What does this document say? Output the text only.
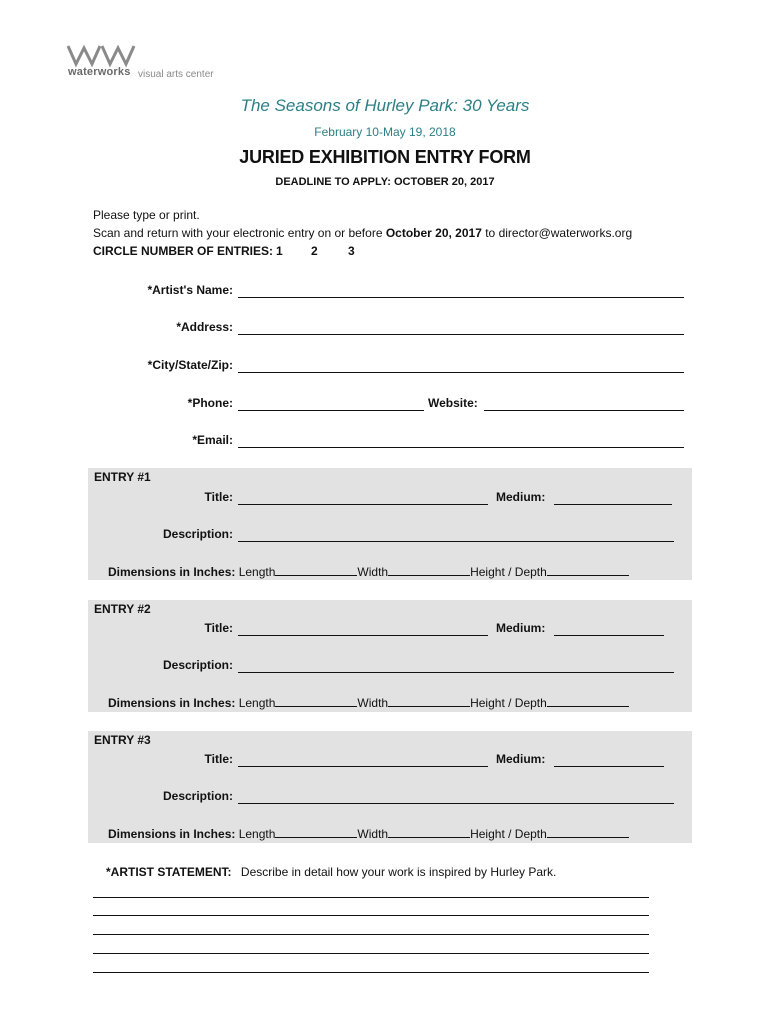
waterworks visual arts center
The Seasons of Hurley Park: 30 Years
February 10-May 19, 2018
JURIED EXHIBITION ENTRY FORM
DEADLINE TO APPLY: OCTOBER 20, 2017
Please type or print.
Scan and return with your electronic entry on or before October 20, 2017 to director@waterworks.org
CIRCLE NUMBER OF ENTRIES: 1 2	3
*Artist's Name:
*Address:
*City/State/Zip:
*Phone:	Website:
*Email:
ENTRY #1
Title:	Medium:
Description:
Dimensions in Inches: Length	Width	Height / Depth
ENTRY #2
Title:	Medium:
Description:
Dimensions in Inches: Length	Width	Height / Depth
ENTRY #3
Title:	Medium:
Description:
Dimensions in Inches: Length	Width	Height / Depth
*ARTIST STATEMENT: Describe in detail how your work is inspired by Hurley Park.
